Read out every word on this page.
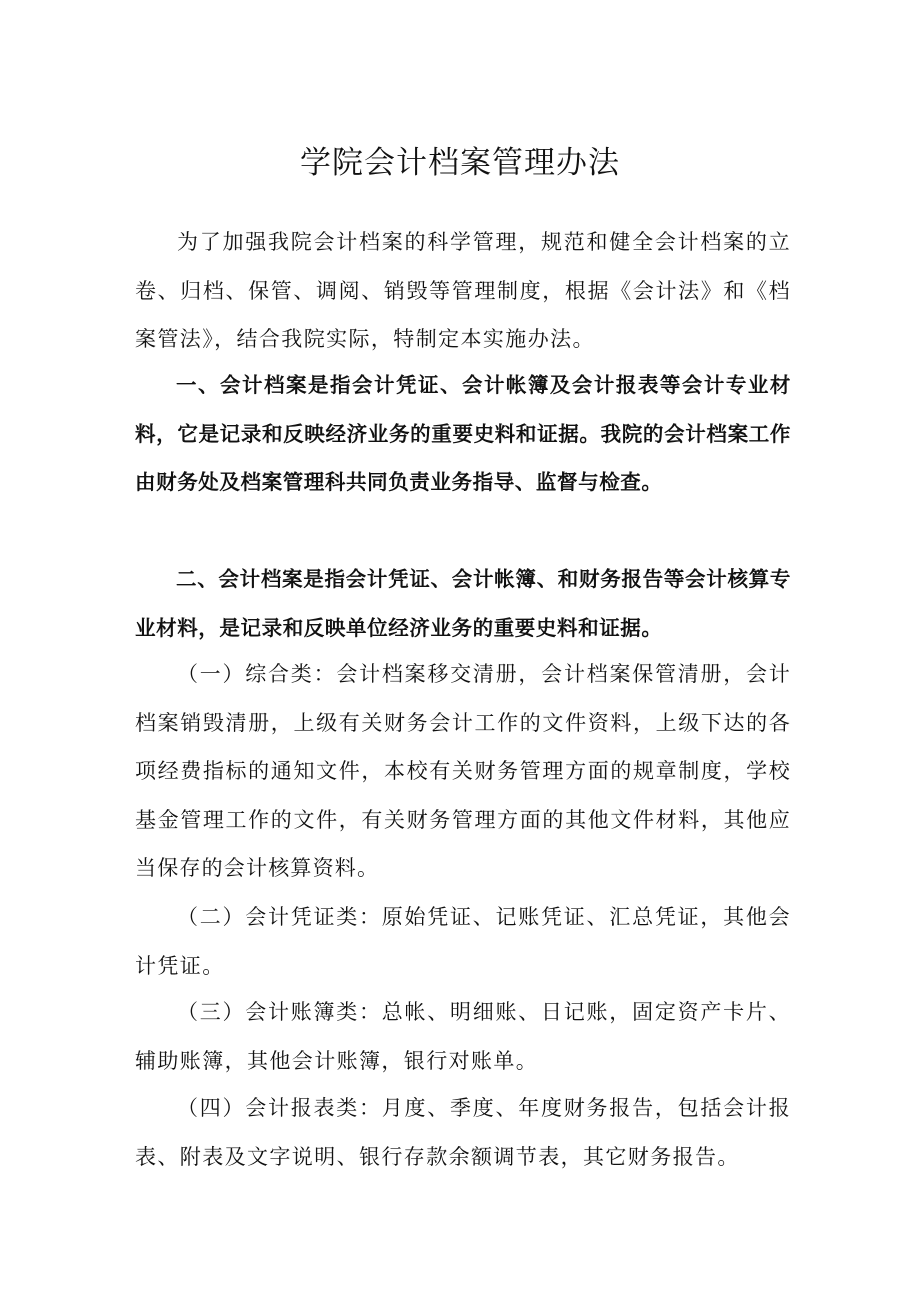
学院会计档案管理办法

为了加强我院会计档案的科学管理，规范和健全会计档案的立卷、归档、保管、调阅、销毁等管理制度，根据《会计法》和《档案管法》，结合我院实际，特制定本实施办法。

一、会计档案是指会计凭证、会计帐簿及会计报表等会计专业材料，它是记录和反映经济业务的重要史料和证据。我院的会计档案工作由财务处及档案管理科共同负责业务指导、监督与检查。

二、会计档案是指会计凭证、会计帐簿、和财务报告等会计核算专业材料，是记录和反映单位经济业务的重要史料和证据。

（一）综合类：会计档案移交清册，会计档案保管清册，会计档案销毁清册，上级有关财务会计工作的文件资料，上级下达的各项经费指标的通知文件，本校有关财务管理方面的规章制度，学校基金管理工作的文件，有关财务管理方面的其他文件材料，其他应当保存的会计核算资料。

（二）会计凭证类：原始凭证、记账凭证、汇总凭证，其他会计凭证。

（三）会计账簿类：总帐、明细账、日记账，固定资产卡片、辅助账簿，其他会计账簿，银行对账单。

（四）会计报表类：月度、季度、年度财务报告，包括会计报表、附表及文字说明、银行存款余额调节表，其它财务报告。
